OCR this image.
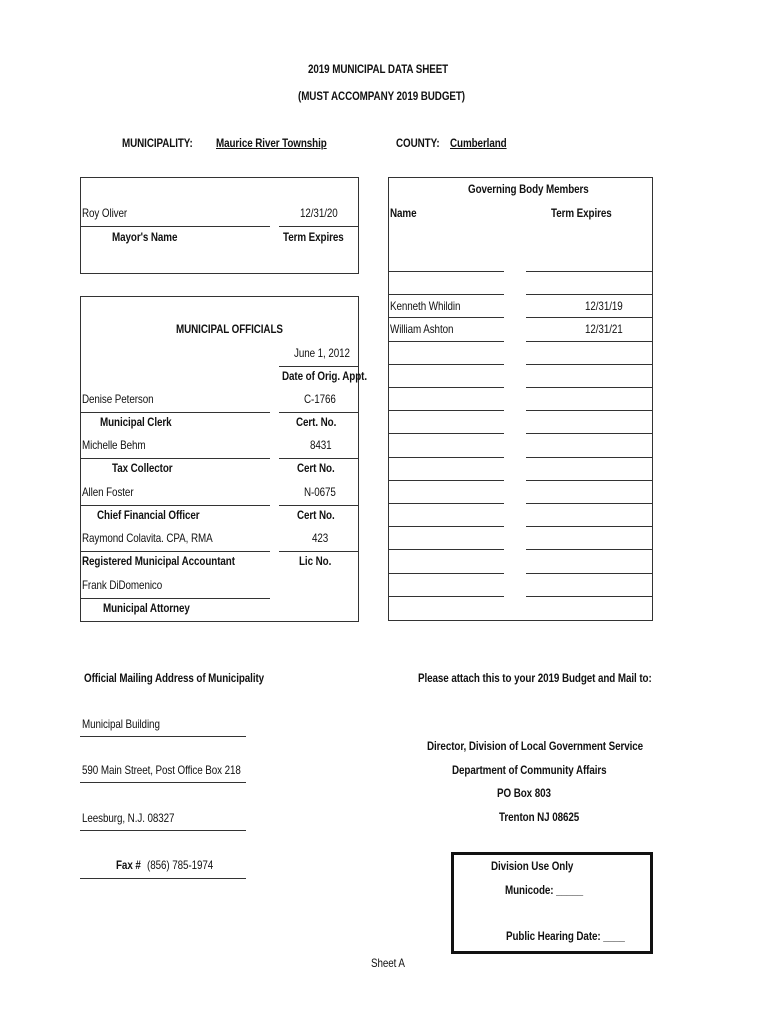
2019 MUNICIPAL DATA SHEET
(MUST ACCOMPANY 2019 BUDGET)
MUNICIPALITY: Maurice River Township	COUNTY: Cumberland
Roy Oliver	12/31/20
Mayor's Name	Term Expires
Governing Body Members
Name	Term Expires
Kenneth Whildin	12/31/19
William Ashton	12/31/21
MUNICIPAL OFFICIALS
June 1, 2012
Date of Orig. Appt.
Denise Peterson	C-1766
Municipal Clerk	Cert. No.
Michelle Behm	8431
Tax Collector	Cert No.
Allen Foster	N-0675
Chief Financial Officer	Cert No.
Raymond Colavita. CPA, RMA	423
Registered Municipal Accountant	Lic No.
Frank DiDomenico
Municipal Attorney
Official Mailing Address of Municipality
Municipal Building
590 Main Street, Post Office Box 218
Leesburg, N.J. 08327
Fax # (856) 785-1974
Please attach this to your 2019 Budget and Mail to:
Director, Division of Local Government Service
Department of Community Affairs
PO Box 803
Trenton NJ 08625
Division Use Only
Municode: _____
Public Hearing Date: ____
Sheet A
